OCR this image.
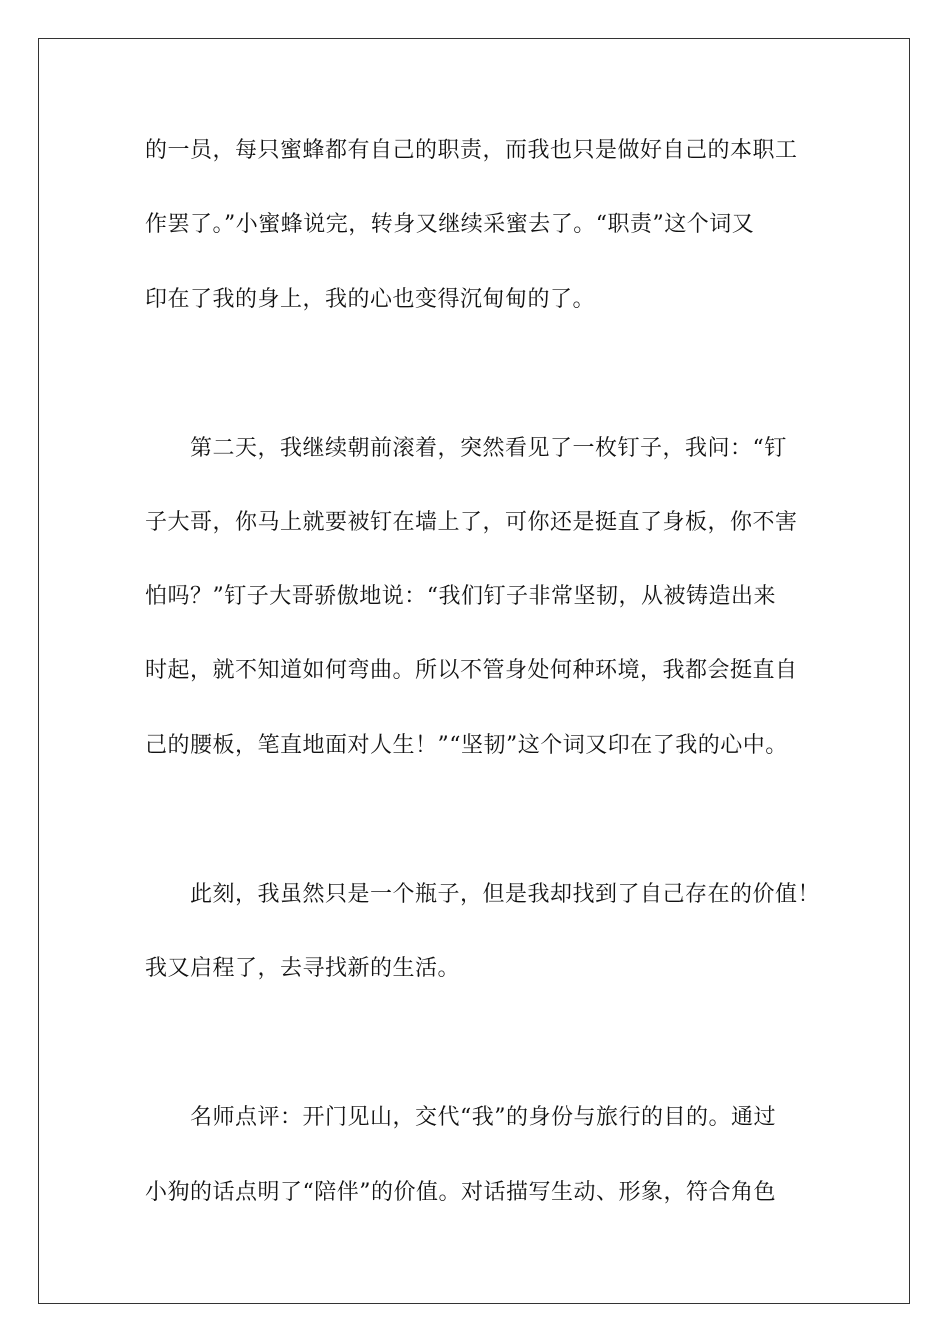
的一员，每只蜜蜂都有自己的职责，而我也只是做好自己的本职工
作罢了。”小蜜蜂说完，转身又继续采蜜去了。“职责”这个词又
印在了我的身上，我的心也变得沉甸甸的了。
第二天，我继续朝前滚着，突然看见了一枚钉子，我问：“钉
子大哥，你马上就要被钉在墙上了，可你还是挺直了身板，你不害
怕吗？”钉子大哥骄傲地说：“我们钉子非常坚韧，从被铸造出来
时起，就不知道如何弯曲。所以不管身处何种环境，我都会挺直自
己的腰板，笔直地面对人生！”“坚韧”这个词又印在了我的心中。
此刻，我虽然只是一个瓶子，但是我却找到了自己存在的价值！
我又启程了，去寻找新的生活。
名师点评：开门见山，交代“我”的身份与旅行的目的。通过
小狗的话点明了“陪伴”的价值。对话描写生动、形象，符合角色
